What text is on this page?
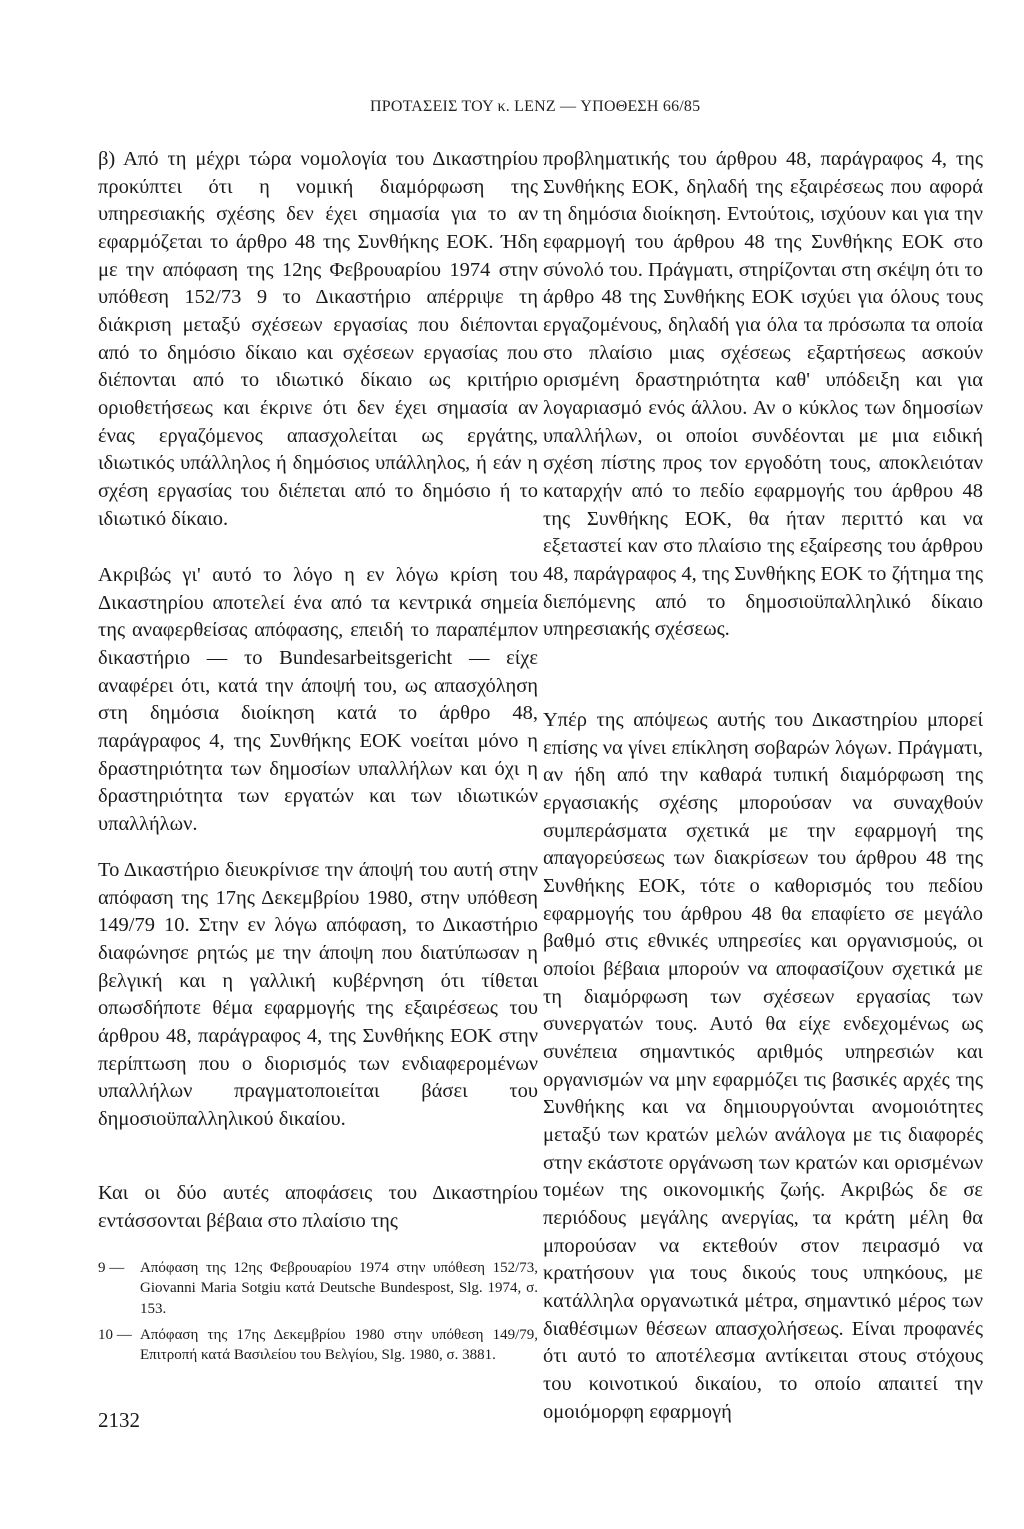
ΠΡΟΤΑΣΕΙΣ ΤΟΥ κ. LENZ — ΥΠΟΘΕΣΗ 66/85

β) Από τη μέχρι τώρα νομολογία του Δικαστηρίου προκύπτει ότι η νομική διαμόρφωση της υπηρεσιακής σχέσης δεν έχει σημασία για το αν εφαρμόζεται το άρθρο 48 της Συνθήκης ΕΟΚ. Ήδη με την απόφαση της 12ης Φεβρουαρίου 1974 στην υπόθεση 152/73 9 το Δικαστήριο απέρριψε τη διάκριση μεταξύ σχέσεων εργασίας που διέπονται από το δημόσιο δίκαιο και σχέσεων εργασίας που διέπονται από το ιδιωτικό δίκαιο ως κριτήριο οριοθετήσεως και έκρινε ότι δεν έχει σημασία αν ένας εργαζόμενος απασχολείται ως εργάτης, ιδιωτικός υπάλληλος ή δημόσιος υπάλληλος, ή εάν η σχέση εργασίας του διέπεται από το δημόσιο ή το ιδιωτικό δίκαιο.

Ακριβώς γι' αυτό το λόγο η εν λόγω κρίση του Δικαστηρίου αποτελεί ένα από τα κεντρικά σημεία της αναφερθείσας απόφασης, επειδή το παραπέμπον δικαστήριο — το Bundesarbeitsgericht — είχε αναφέρει ότι, κατά την άποψή του, ως απασχόληση στη δημόσια διοίκηση κατά το άρθρο 48, παράγραφος 4, της Συνθήκης ΕΟΚ νοείται μόνο η δραστηριότητα των δημοσίων υπαλλήλων και όχι η δραστηριότητα των εργατών και των ιδιωτικών υπαλλήλων.

Το Δικαστήριο διευκρίνισε την άποψή του αυτή στην απόφαση της 17ης Δεκεμβρίου 1980, στην υπόθεση 149/79 10. Στην εν λόγω απόφαση, το Δικαστήριο διαφώνησε ρητώς με την άποψη που διατύπωσαν η βελγική και η γαλλική κυβέρνηση ότι τίθεται οπωσδήποτε θέμα εφαρμογής της εξαιρέσεως του άρθρου 48, παράγραφος 4, της Συνθήκης ΕΟΚ στην περίπτωση που ο διορισμός των ενδιαφερομένων υπαλλήλων πραγματοποιείται βάσει του δημοσιοϋπαλληλικού δικαίου.

Και οι δύο αυτές αποφάσεις του Δικαστηρίου εντάσσονται βέβαια στο πλαίσιο της

προβληματικής του άρθρου 48, παράγραφος 4, της Συνθήκης ΕΟΚ, δηλαδή της εξαιρέσεως που αφορά τη δημόσια διοίκηση. Εντούτοις, ισχύουν και για την εφαρμογή του άρθρου 48 της Συνθήκης ΕΟΚ στο σύνολό του. Πράγματι, στηρίζονται στη σκέψη ότι το άρθρο 48 της Συνθήκης ΕΟΚ ισχύει για όλους τους εργαζομένους, δηλαδή για όλα τα πρόσωπα τα οποία στο πλαίσιο μιας σχέσεως εξαρτήσεως ασκούν ορισμένη δραστηριότητα καθ' υπόδειξη και για λογαριασμό ενός άλλου. Αν ο κύκλος των δημοσίων υπαλλήλων, οι οποίοι συνδέονται με μια ειδική σχέση πίστης προς τον εργοδότη τους, αποκλειόταν καταρχήν από το πεδίο εφαρμογής του άρθρου 48 της Συνθήκης ΕΟΚ, θα ήταν περιττό και να εξεταστεί καν στο πλαίσιο της εξαίρεσης του άρθρου 48, παράγραφος 4, της Συνθήκης ΕΟΚ το ζήτημα της διεπόμενης από το δημοσιοϋπαλληλικό δίκαιο υπηρεσιακής σχέσεως.

Υπέρ της απόψεως αυτής του Δικαστηρίου μπορεί επίσης να γίνει επίκληση σοβαρών λόγων. Πράγματι, αν ήδη από την καθαρά τυπική διαμόρφωση της εργασιακής σχέσης μπορούσαν να συναχθούν συμπεράσματα σχετικά με την εφαρμογή της απαγορεύσεως των διακρίσεων του άρθρου 48 της Συνθήκης ΕΟΚ, τότε ο καθορισμός του πεδίου εφαρμογής του άρθρου 48 θα επαφίετο σε μεγάλο βαθμό στις εθνικές υπηρεσίες και οργανισμούς, οι οποίοι βέβαια μπορούν να αποφασίζουν σχετικά με τη διαμόρφωση των σχέσεων εργασίας των συνεργατών τους. Αυτό θα είχε ενδεχομένως ως συνέπεια σημαντικός αριθμός υπηρεσιών και οργανισμών να μην εφαρμόζει τις βασικές αρχές της Συνθήκης και να δημιουργούνται ανομοιότητες μεταξύ των κρατών μελών ανάλογα με τις διαφορές στην εκάστοτε οργάνωση των κρατών και ορισμένων τομέων της οικονομικής ζωής. Ακριβώς δε σε περιόδους μεγάλης ανεργίας, τα κράτη μέλη θα μπορούσαν να εκτεθούν στον πειρασμό να κρατήσουν για τους δικούς τους υπηκόους, με κατάλληλα οργανωτικά μέτρα, σημαντικό μέρος των διαθέσιμων θέσεων απασχολήσεως. Είναι προφανές ότι αυτό το αποτέλεσμα αντίκειται στους στόχους του κοινοτικού δικαίου, το οποίο απαιτεί την ομοιόμορφη εφαρμογή

9 —	Απόφαση της 12ης Φεβρουαρίου 1974 στην υπόθεση 152/73, Giovanni Maria Sotgiu κατά Deutsche Bundespost, Slg. 1974, σ. 153.
10 — Απόφαση της 17ης Δεκεμβρίου 1980 στην υπόθεση 149/79, Επιτροπή κατά Βασιλείου του Βελγίου, Slg. 1980, σ. 3881.
2132
